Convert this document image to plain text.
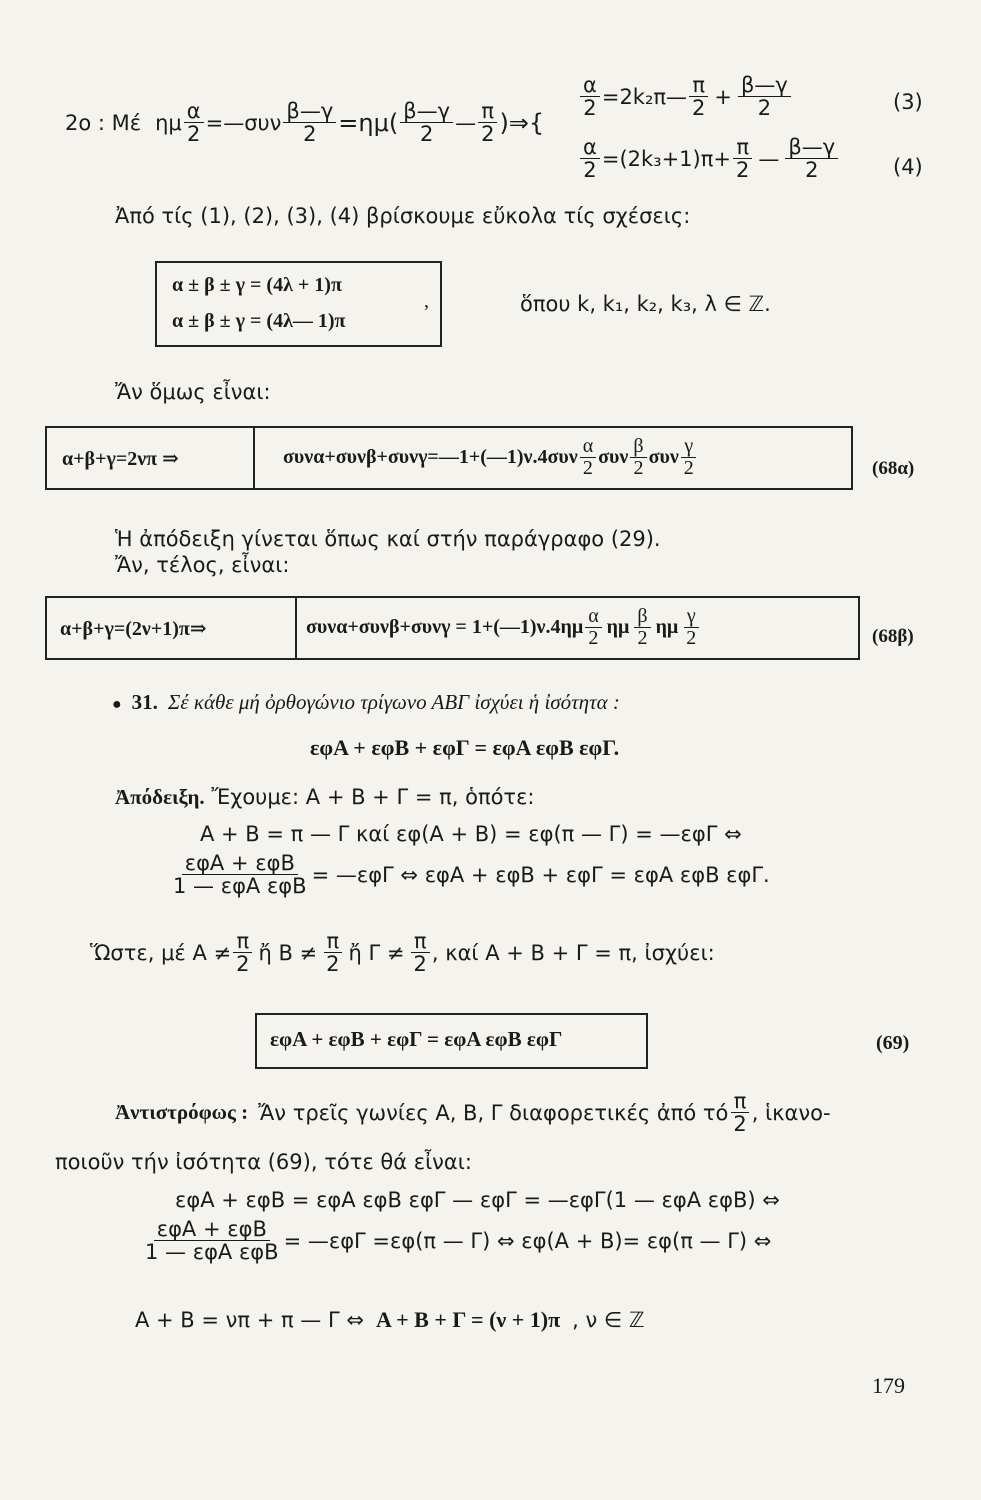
2ο : Μέ ημ $\frac{\alpha}{2}$ =—συν $\frac{\beta—\gamma}{2} =\eta\mu( \frac{\beta—\gamma}{2}$ — $\frac{\pi}{2}$ )⇒{
$\frac{\alpha}{2}$ =2k₂π— $\frac{\pi}{2} + \frac{\beta—\gamma}{2}$	(3)
$\frac{\alpha}{2} =(2k_3+1)\pi+ \frac{\pi}{2}$ — $\frac{\beta—\gamma}{2}$	(4)
Ἀπό τίς (1), (2), (3), (4) βρίσκουμε εὔκολα τίς σχέσεις:
α ± β ± γ = (4λ + 1)π
,
α ± β ± γ = (4λ— 1)π
ὅπου k, k₁, k₂, k₃, λ ∈ ℤ.
Ἄν ὅμως εἶναι:
α+β+γ=2νπ ⇒	συνα+συνβ+συνγ=—1+(—1)ν.4συν $\frac{\alpha}{2}$ συν $\frac{\beta}{2}$ συν $\frac{\gamma}{2}$	(68α)
Ἡ ἀπόδειξη γίνεται ὅπως καί στήν παράγραφο (29).
Ἄν, τέλος, εἶναι:
α+β+γ=(2ν+1)π⇒	συνα+συνβ+συνγ = 1+(—1)ν.4ημ $\frac{\alpha}{2}$ ημ $\frac{\beta}{2}$ ημ $\frac{\gamma}{2}$	(68β)
● 31. Σέ κάθε μή ὀρθογώνιο τρίγωνο ΑΒΓ ἰσχύει ἡ ἰσότητα :
εφΑ + εφΒ + εφΓ = εφΑ εφΒ εφΓ.
Ἀπόδειξη. Ἔχουμε: Α + Β + Γ = π, ὁπότε:
Α + Β = π — Γ καί εφ(Α + Β) = εφ(π — Γ) = —εφΓ ⇔
$\frac{\text{εφΑ + εφΒ}}{\text{1 — εφΑ εφΒ}}$ = —εφΓ ⇔ εφΑ + εφΒ + εφΓ = εφΑ εφΒ εφΓ.
Ὥστε, μέ $A \ne \frac{\pi}{2}$ ἤ $B \ne \frac{\pi}{2}$ ἤ $\Gamma \ne \frac{\pi}{2}$ , καί Α + Β + Γ = π, ἰσχύει:
εφΑ + εφΒ + εφΓ = εφΑ εφΒ εφΓ	(69)
Ἀντιστρόφως : Ἄν τρεῖς γωνίες Α, Β, Γ διαφορετικές ἀπό τό $\frac{\pi}{2}$ , ἱκανο-
ποιοῦν τήν ἰσότητα (69), τότε θά εἶναι:
εφΑ + εφΒ = εφΑ εφΒ εφΓ — εφΓ = —εφΓ(1 — εφΑ εφΒ) ⇔
$\frac{\text{εφΑ + εφΒ}}{\text{1 — εφΑ εφΒ}}$ = —εφΓ =εφ(π — Γ) ⇔ εφ(Α + Β)= εφ(π — Γ) ⇔
Α + Β = νπ + π — Γ ⇔ Α + Β + Γ = (ν + 1)π , ν ∈ ℤ
179
